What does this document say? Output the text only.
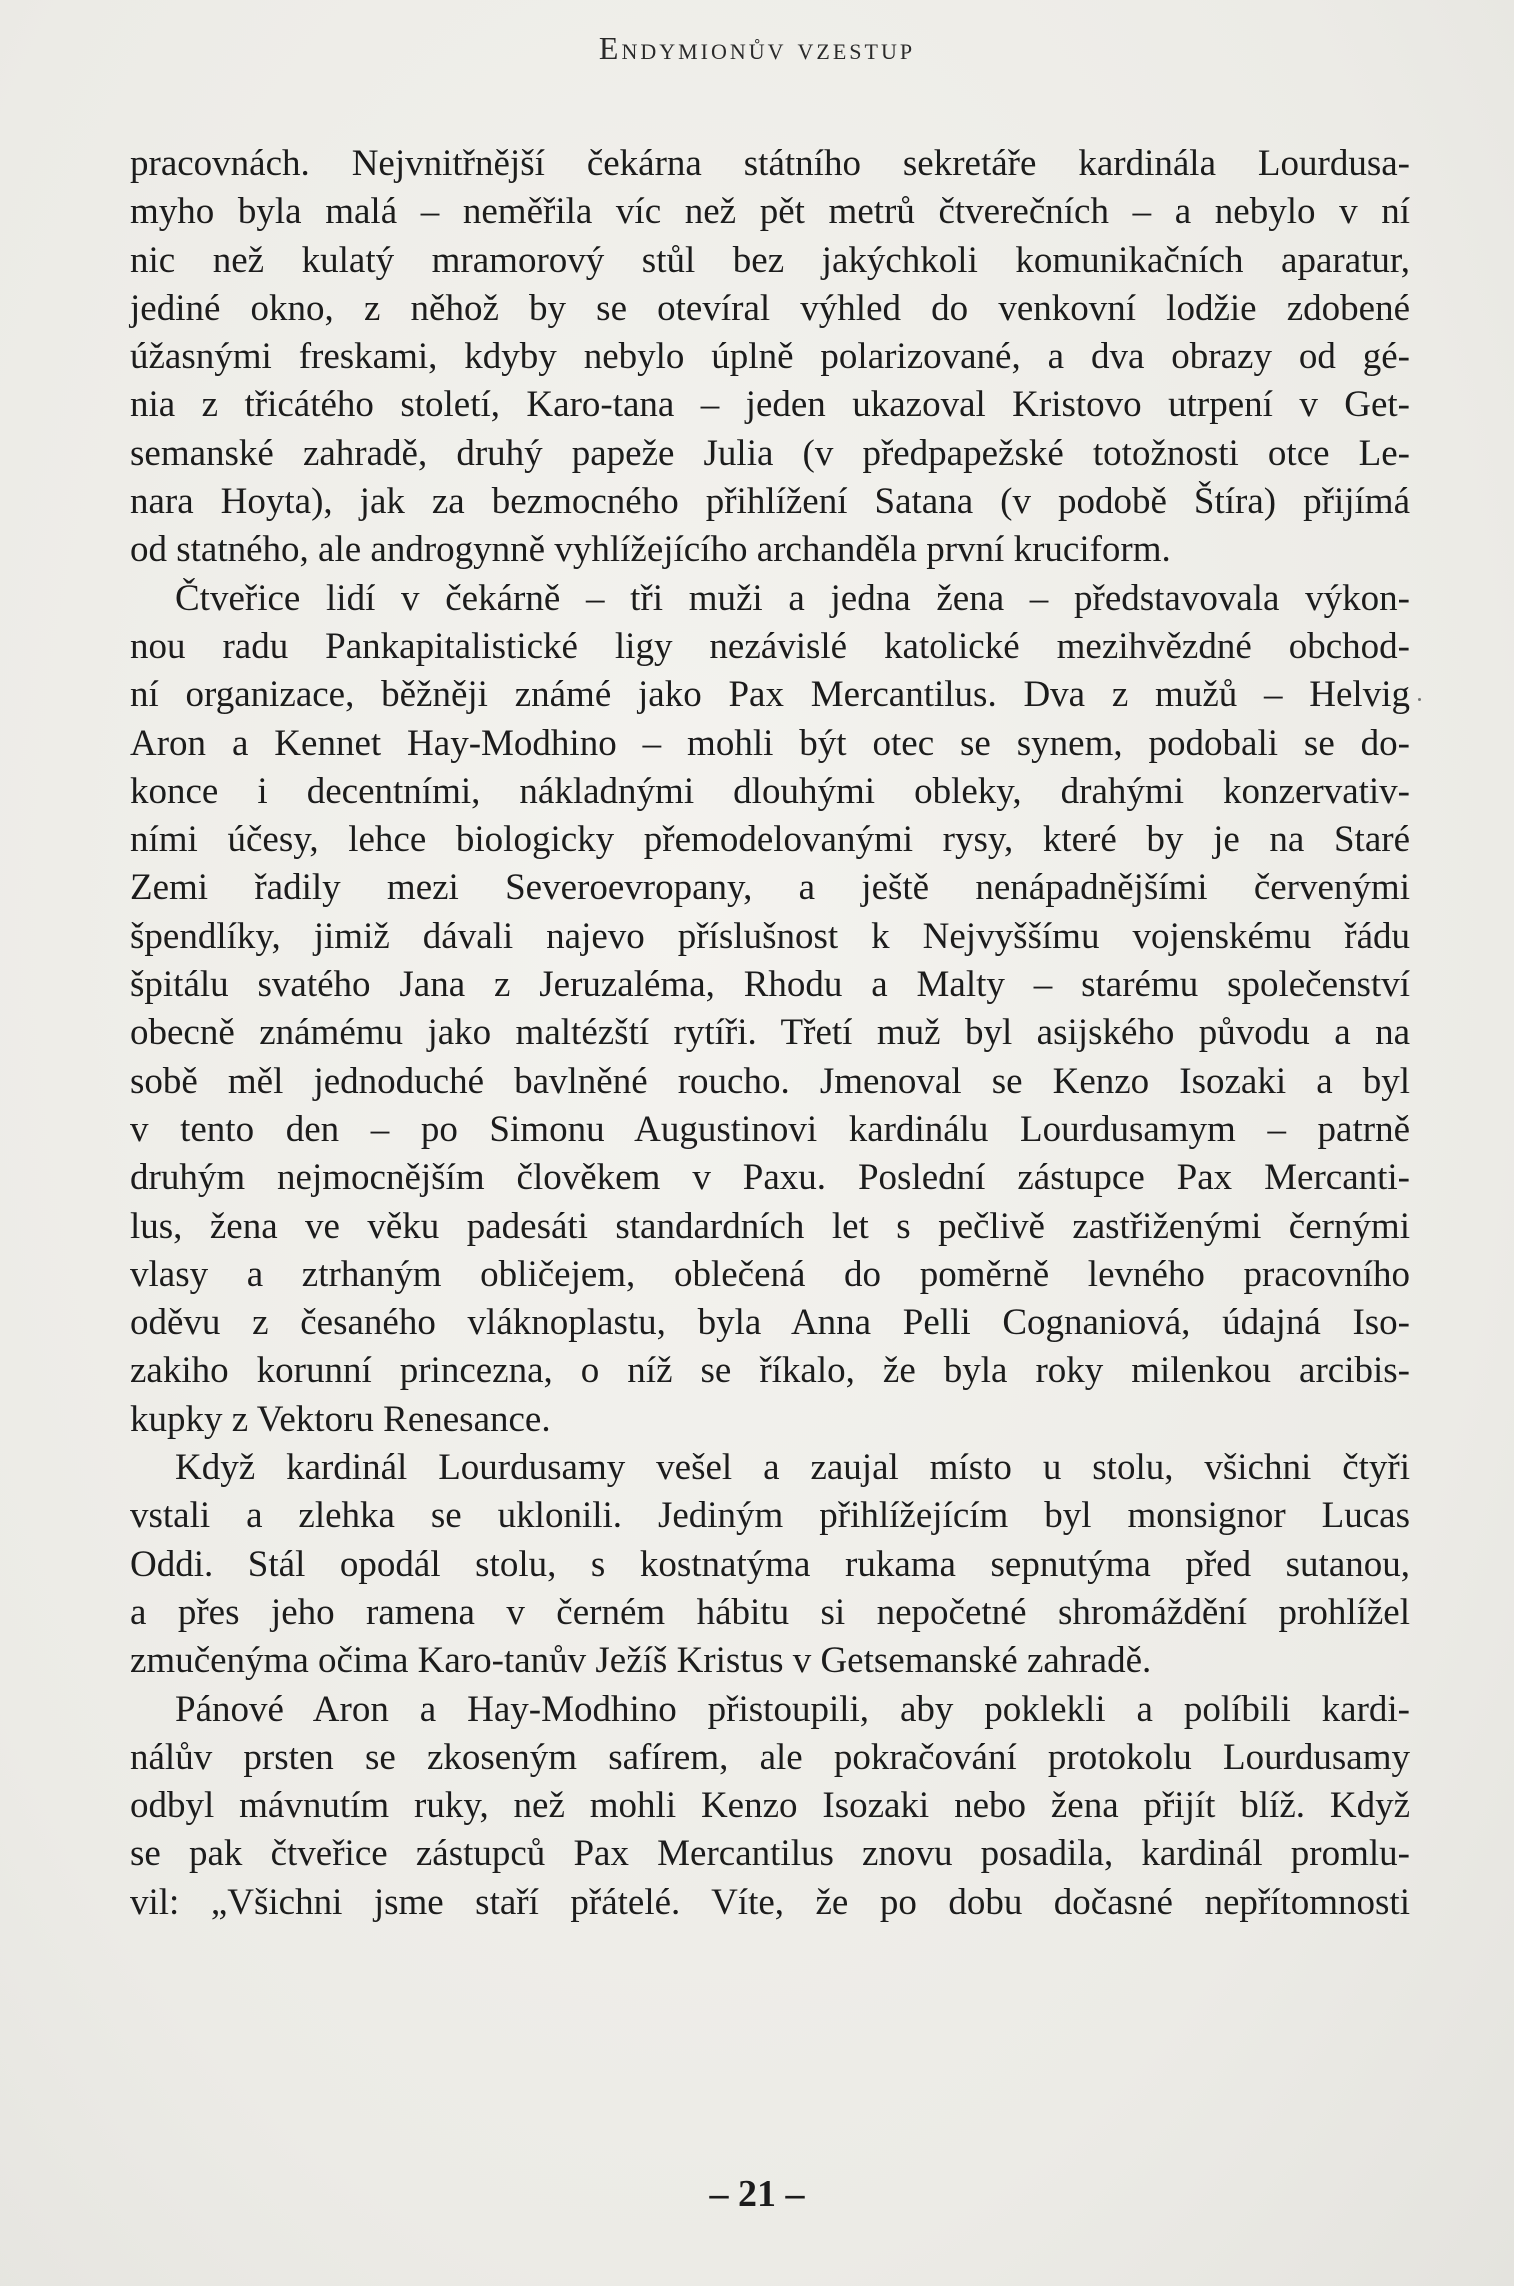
Endymionův vzestup
pracovnách. Nejvnitřnější čekárna státního sekretáře kardinála Lourdusa-
myho byla malá – neměřila víc než pět metrů čtverečních – a nebylo v ní
nic než kulatý mramorový stůl bez jakýchkoli komunikačních aparatur,
jediné okno, z něhož by se otevíral výhled do venkovní lodžie zdobené
úžasnými freskami, kdyby nebylo úplně polarizované, a dva obrazy od gé-
nia z třicátého století, Karo-tana – jeden ukazoval Kristovo utrpení v Get-
semanské zahradě, druhý papeže Julia (v předpapežské totožnosti otce Le-
nara Hoyta), jak za bezmocného přihlížení Satana (v podobě Štíra) přijímá
od statného, ale androgynně vyhlížejícího archanděla první kruciform.
Čtveřice lidí v čekárně – tři muži a jedna žena – představovala výkon-
nou radu Pankapitalistické ligy nezávislé katolické mezihvězdné obchod-
ní organizace, běžněji známé jako Pax Mercantilus. Dva z mužů – Helvig
Aron a Kennet Hay-Modhino – mohli být otec se synem, podobali se do-
konce i decentními, nákladnými dlouhými obleky, drahými konzervativ-
ními účesy, lehce biologicky přemodelovanými rysy, které by je na Staré
Zemi řadily mezi Severoevropany, a ještě nenápadnějšími červenými
špendlíky, jimiž dávali najevo příslušnost k Nejvyššímu vojenskému řádu
špitálu svatého Jana z Jeruzaléma, Rhodu a Malty – starému společenství
obecně známému jako maltézští rytíři. Třetí muž byl asijského původu a na
sobě měl jednoduché bavlněné roucho. Jmenoval se Kenzo Isozaki a byl
v tento den – po Simonu Augustinovi kardinálu Lourdusamym – patrně
druhým nejmocnějším člověkem v Paxu. Poslední zástupce Pax Mercanti-
lus, žena ve věku padesáti standardních let s pečlivě zastřiženými černými
vlasy a ztrhaným obličejem, oblečená do poměrně levného pracovního
oděvu z česaného vláknoplastu, byla Anna Pelli Cognaniová, údajná Iso-
zakiho korunní princezna, o níž se říkalo, že byla roky milenkou arcibis-
kupky z Vektoru Renesance.
Když kardinál Lourdusamy vešel a zaujal místo u stolu, všichni čtyři
vstali a zlehka se uklonili. Jediným přihlížejícím byl monsignor Lucas
Oddi. Stál opodál stolu, s kostnatýma rukama sepnutýma před sutanou,
a přes jeho ramena v černém hábitu si nepočetné shromáždění prohlížel
zmučenýma očima Karo-tanův Ježíš Kristus v Getsemanské zahradě.
Pánové Aron a Hay-Modhino přistoupili, aby poklekli a políbili kardi-
nálův prsten se zkoseným safírem, ale pokračování protokolu Lourdusamy
odbyl mávnutím ruky, než mohli Kenzo Isozaki nebo žena přijít blíž. Když
se pak čtveřice zástupců Pax Mercantilus znovu posadila, kardinál promlu-
vil: „Všichni jsme staří přátelé. Víte, že po dobu dočasné nepřítomnosti
– 21 –
